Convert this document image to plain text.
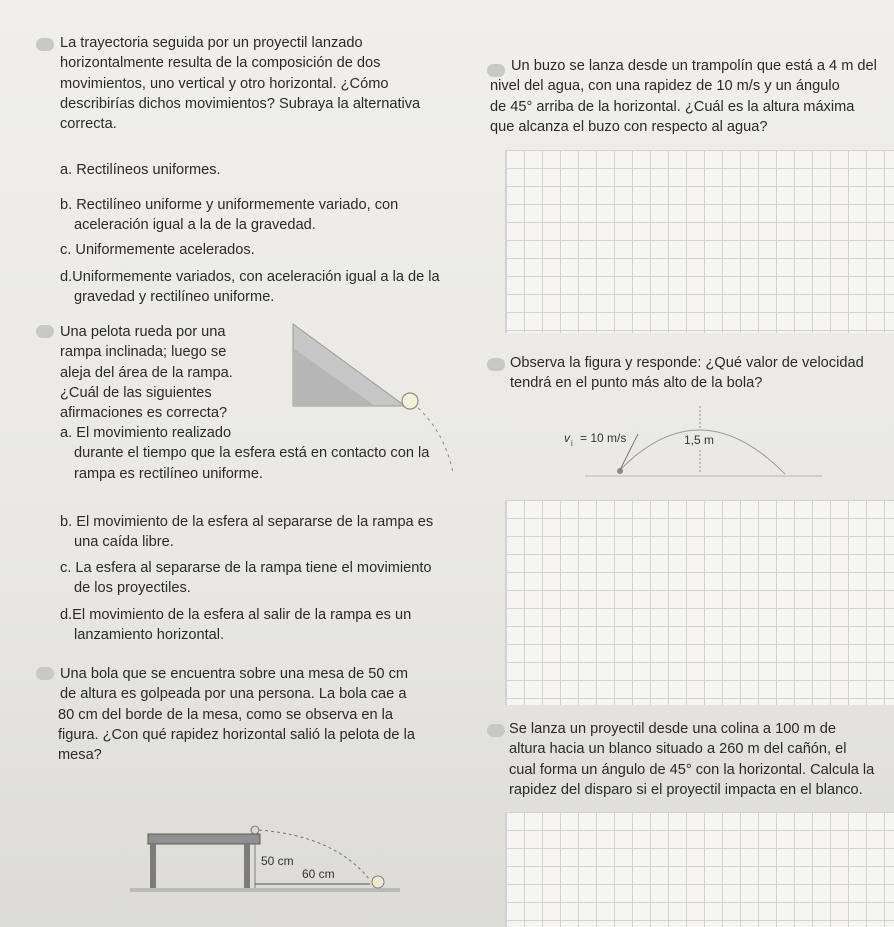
La trayectoria seguida por un proyectil lanzado
horizontalmente resulta de la composición de dos
movimientos, uno vertical y otro horizontal. ¿Cómo
describirías dichos movimientos? Subraya la alternativa
correcta.
a. Rectilíneos uniformes.
b. Rectilíneo uniforme y uniformemente variado, con
aceleración igual a la de la gravedad.
c. Uniformemente acelerados.
d.Uniformemente variados, con aceleración igual a la de la
gravedad y rectilíneo uniforme.
Una pelota rueda por una
rampa inclinada; luego se
aleja del área de la rampa.
¿Cuál de las siguientes
afirmaciones es correcta?
a. El movimiento realizado
durante el tiempo que la esfera está en contacto con la
rampa es rectilíneo uniforme.
b. El movimiento de la esfera al separarse de la rampa es
una caída libre.
c. La esfera al separarse de la rampa tiene el movimiento
de los proyectiles.
d.El movimiento de la esfera al salir de la rampa es un
lanzamiento horizontal.
Una bola que se encuentra sobre una mesa de 50 cm
de altura es golpeada por una persona. La bola cae a
80 cm del borde de la mesa, como se observa en la
figura. ¿Con qué rapidez horizontal salió la pelota de la
mesa?
50 cm
60 cm
Un buzo se lanza desde un trampolín que está a 4 m del
nivel del agua, con una rapidez de 10 m/s y un ángulo
de 45° arriba de la horizontal. ¿Cuál es la altura máxima
que alcanza el buzo con respecto al agua?
Observa la figura y responde: ¿Qué valor de velocidad
tendrá en el punto más alto de la bola?
v i = 10 m/s	1,5 m
Se lanza un proyectil desde una colina a 100 m de
altura hacia un blanco situado a 260 m del cañón, el
cual forma un ángulo de 45° con la horizontal. Calcula la
rapidez del disparo si el proyectil impacta en el blanco.
